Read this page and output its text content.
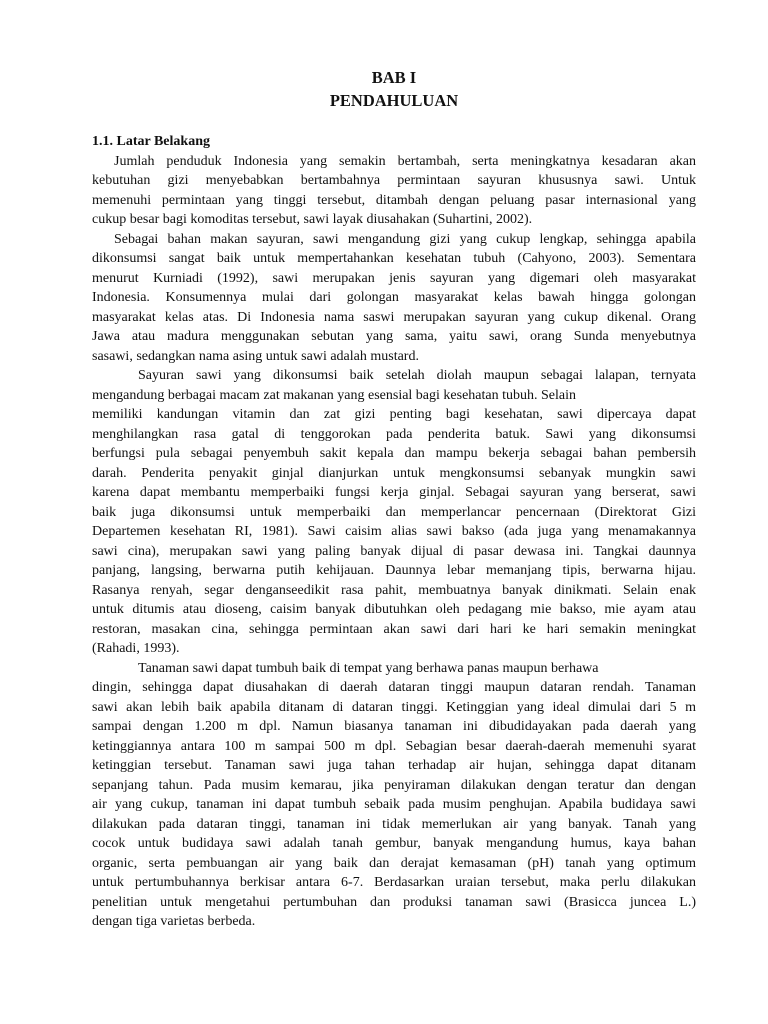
BAB I

PENDAHULUAN

1.1. Latar Belakang

Jumlah penduduk Indonesia yang semakin bertambah, serta meningkatnya kesadaran akan
kebutuhan gizi menyebabkan bertambahnya permintaan sayuran khususnya sawi. Untuk
memenuhi permintaan yang tinggi tersebut, ditambah dengan peluang pasar internasional yang
cukup besar bagi komoditas tersebut, sawi layak diusahakan (Suhartini, 2002).
Sebagai bahan makan sayuran, sawi mengandung gizi yang cukup lengkap, sehingga apabila
dikonsumsi sangat baik untuk mempertahankan kesehatan tubuh (Cahyono, 2003). Sementara
menurut Kurniadi (1992), sawi merupakan jenis sayuran yang digemari oleh masyarakat
Indonesia. Konsumennya mulai dari golongan masyarakat kelas bawah hingga golongan
masyarakat kelas atas. Di Indonesia nama saswi merupakan sayuran yang cukup dikenal. Orang
Jawa atau madura menggunakan sebutan yang sama, yaitu sawi, orang Sunda menyebutnya
sasawi, sedangkan nama asing untuk sawi adalah mustard.
Sayuran sawi yang dikonsumsi baik setelah diolah maupun sebagai lalapan, ternyata
mengandung berbagai macam zat makanan yang esensial bagi kesehatan tubuh. Selain
memiliki kandungan vitamin dan zat gizi penting bagi kesehatan, sawi dipercaya dapat
menghilangkan rasa gatal di tenggorokan pada penderita batuk. Sawi yang dikonsumsi
berfungsi pula sebagai penyembuh sakit kepala dan mampu bekerja sebagai bahan pembersih
darah. Penderita penyakit ginjal dianjurkan untuk mengkonsumsi sebanyak mungkin sawi
karena dapat membantu memperbaiki fungsi kerja ginjal. Sebagai sayuran yang berserat, sawi
baik juga dikonsumsi untuk memperbaiki dan memperlancar pencernaan (Direktorat Gizi
Departemen kesehatan RI, 1981). Sawi caisim alias sawi bakso (ada juga yang menamakannya
sawi cina), merupakan sawi yang paling banyak dijual di pasar dewasa ini. Tangkai daunnya
panjang, langsing, berwarna putih kehijauan. Daunnya lebar memanjang tipis, berwarna hijau.
Rasanya renyah, segar denganseedikit rasa pahit, membuatnya banyak dinikmati. Selain enak
untuk ditumis atau dioseng, caisim banyak dibutuhkan oleh pedagang mie bakso, mie ayam atau
restoran, masakan cina, sehingga permintaan akan sawi dari hari ke hari semakin meningkat
(Rahadi, 1993).
Tanaman sawi dapat tumbuh baik di tempat yang berhawa panas maupun berhawa
dingin, sehingga dapat diusahakan di daerah dataran tinggi maupun dataran rendah. Tanaman
sawi akan lebih baik apabila ditanam di dataran tinggi. Ketinggian yang ideal dimulai dari 5 m
sampai dengan 1.200 m dpl. Namun biasanya tanaman ini dibudidayakan pada daerah yang
ketinggiannya antara 100 m sampai 500 m dpl. Sebagian besar daerah-daerah memenuhi syarat
ketinggian tersebut. Tanaman sawi juga tahan terhadap air hujan, sehingga dapat ditanam
sepanjang tahun. Pada musim kemarau, jika penyiraman dilakukan dengan teratur dan dengan
air yang cukup, tanaman ini dapat tumbuh sebaik pada musim penghujan. Apabila budidaya sawi
dilakukan pada dataran tinggi, tanaman ini tidak memerlukan air yang banyak. Tanah yang
cocok untuk budidaya sawi adalah tanah gembur, banyak mengandung humus, kaya bahan
organic, serta pembuangan air yang baik dan derajat kemasaman (pH) tanah yang optimum
untuk pertumbuhannya berkisar antara 6-7. Berdasarkan uraian tersebut, maka perlu dilakukan
penelitian untuk mengetahui pertumbuhan dan produksi tanaman sawi (Brasicca juncea L.)
dengan tiga varietas berbeda.
